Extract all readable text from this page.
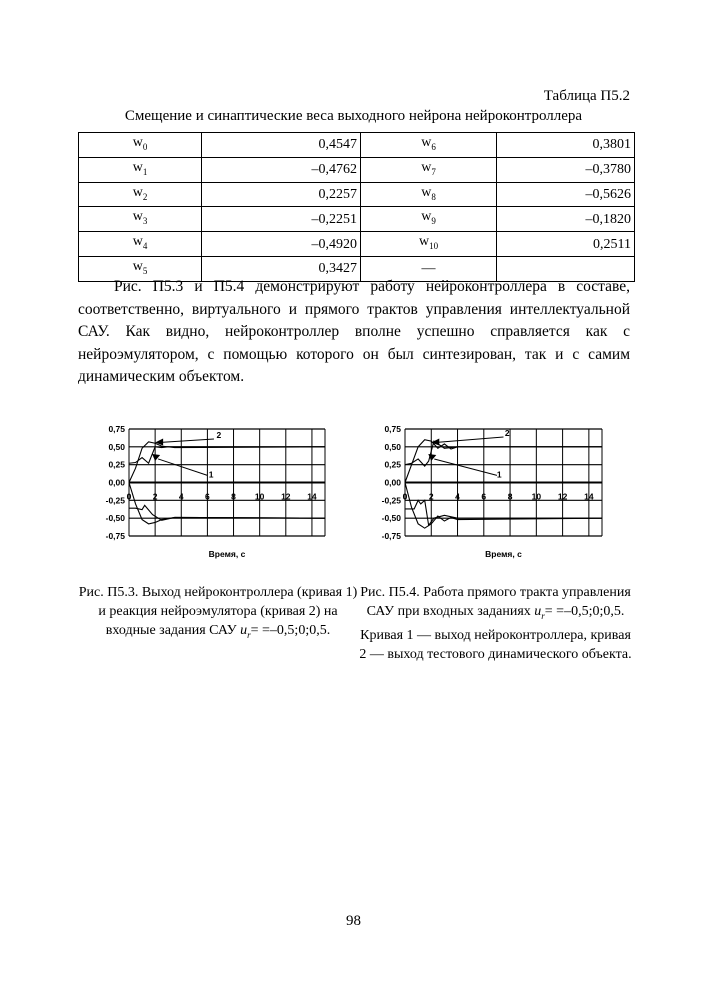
Таблица П5.2
Смещение и синаптические веса выходного нейрона нейроконтроллера
$w_0$	0,4547	$w_6$	0,3801
$w_1$	–0,4762	$w_7$	–0,3780
$w_2$	0,2257	$w_8$	–0,5626
$w_3$	–0,2251	$w_9$	–0,1820
$w_4$	–0,4920	$w_{10}$	0,2511
$w_5$	0,3427	—	
Рис. П5.3 и П5.4 демонстрируют работу нейроконтроллера в составе, соответственно, виртуального и прямого трактов управления интеллектуальной САУ. Как видно, нейроконтроллер вполне успешно справляется как с нейроэмулятором, с помощью которого он был синтезирован, так и с самим динамическим объектом.
0,75
0,50
0,25
0,00
-0,25
-0,50
-0,75
0	2	4	6	8 10 12 14
Время, с
2
1
0,75
0,50
0,25
0,00
-0,25
-0,50
-0,75
0	2	4	6	8 10 12 14
Время, с
2
1
Рис. П5.3. Выход нейроконтроллера (кривая 1) и реакция нейроэмулятора (кривая 2) на входные задания САУ $u_r=$ =–0,5;0;0,5.
Рис. П5.4. Работа прямого тракта управления САУ при входных заданиях $u_r=$ =–0,5;0;0,5. Кривая 1 — выход нейроконтроллера, кривая 2 — выход тестового динамического объекта.
98
